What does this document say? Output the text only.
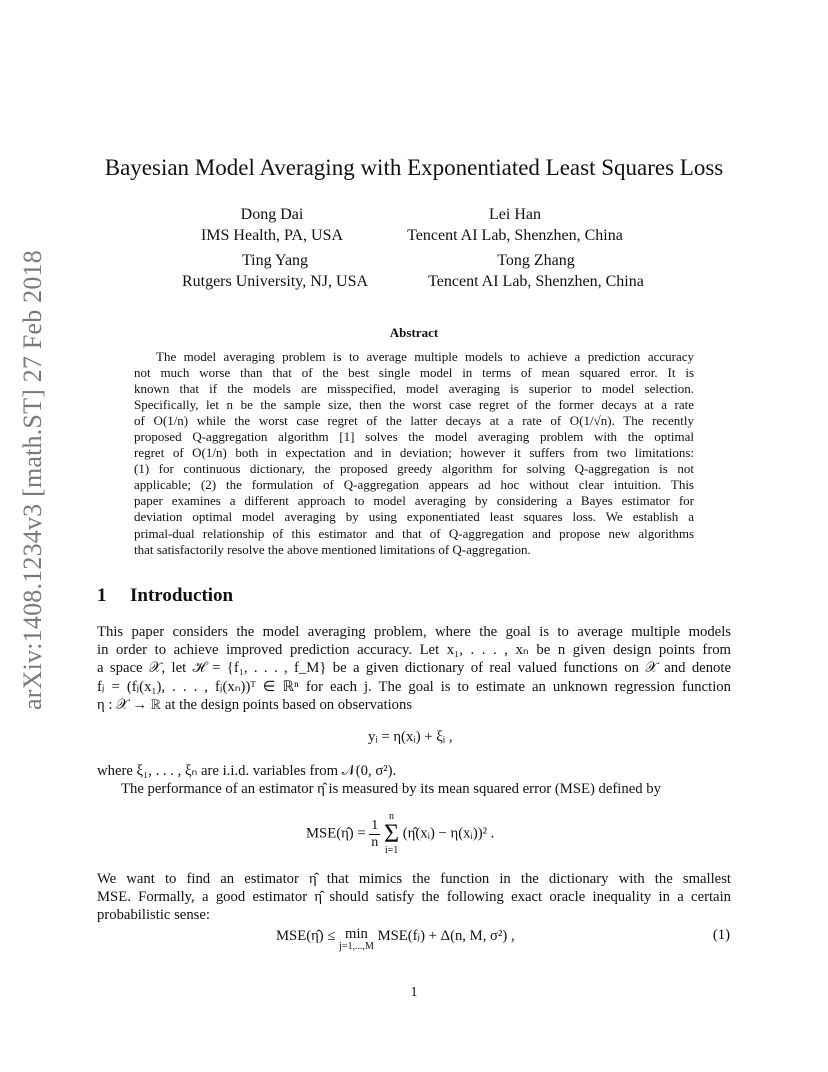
arXiv:1408.1234v3 [math.ST] 27 Feb 2018
Bayesian Model Averaging with Exponentiated Least Squares Loss
Dong Dai
IMS Health, PA, USA
Lei Han
Tencent AI Lab, Shenzhen, China
Ting Yang
Rutgers University, NJ, USA
Tong Zhang
Tencent AI Lab, Shenzhen, China
Abstract
The model averaging problem is to average multiple models to achieve a prediction accuracy
not much worse than that of the best single model in terms of mean squared error. It is
known that if the models are misspecified, model averaging is superior to model selection.
Specifically, let n be the sample size, then the worst case regret of the former decays at a rate
of O(1/n) while the worst case regret of the latter decays at a rate of O(1/√n). The recently
proposed Q-aggregation algorithm [1] solves the model averaging problem with the optimal
regret of O(1/n) both in expectation and in deviation; however it suffers from two limitations:
(1) for continuous dictionary, the proposed greedy algorithm for solving Q-aggregation is not
applicable; (2) the formulation of Q-aggregation appears ad hoc without clear intuition. This
paper examines a different approach to model averaging by considering a Bayes estimator for
deviation optimal model averaging by using exponentiated least squares loss. We establish a
primal-dual relationship of this estimator and that of Q-aggregation and propose new algorithms
that satisfactorily resolve the above mentioned limitations of Q-aggregation.
1 Introduction
This paper considers the model averaging problem, where the goal is to average multiple models
in order to achieve improved prediction accuracy. Let x₁, . . . , xₙ be n given design points from
a space 𝒳, let ℋ = {f₁, . . . , f_M} be a given dictionary of real valued functions on 𝒳 and denote
fⱼ = (fⱼ(x₁), . . . , fⱼ(xₙ))ᵀ ∈ ℝⁿ for each j. The goal is to estimate an unknown regression function
η : 𝒳 → ℝ at the design points based on observations
yᵢ = η(xᵢ) + ξᵢ ,
where ξ₁, . . . , ξₙ are i.i.d. variables from 𝒩(0, σ²).
The performance of an estimator η̂ is measured by its mean squared error (MSE) defined by
MSE(η̂) = $\frac{1}{n}$

n
Σ
i=1
(η̂(xᵢ) − η(xᵢ))² .
We want to find an estimator η̂ that mimics the function in the dictionary with the smallest
MSE. Formally, a good estimator η̂ should satisfy the following exact oracle inequality in a certain
probabilistic sense:
MSE(η̂) ≤ min
j=1,...,M
MSE(fⱼ) + Δ(n, M, σ²) ,	(1)
1
